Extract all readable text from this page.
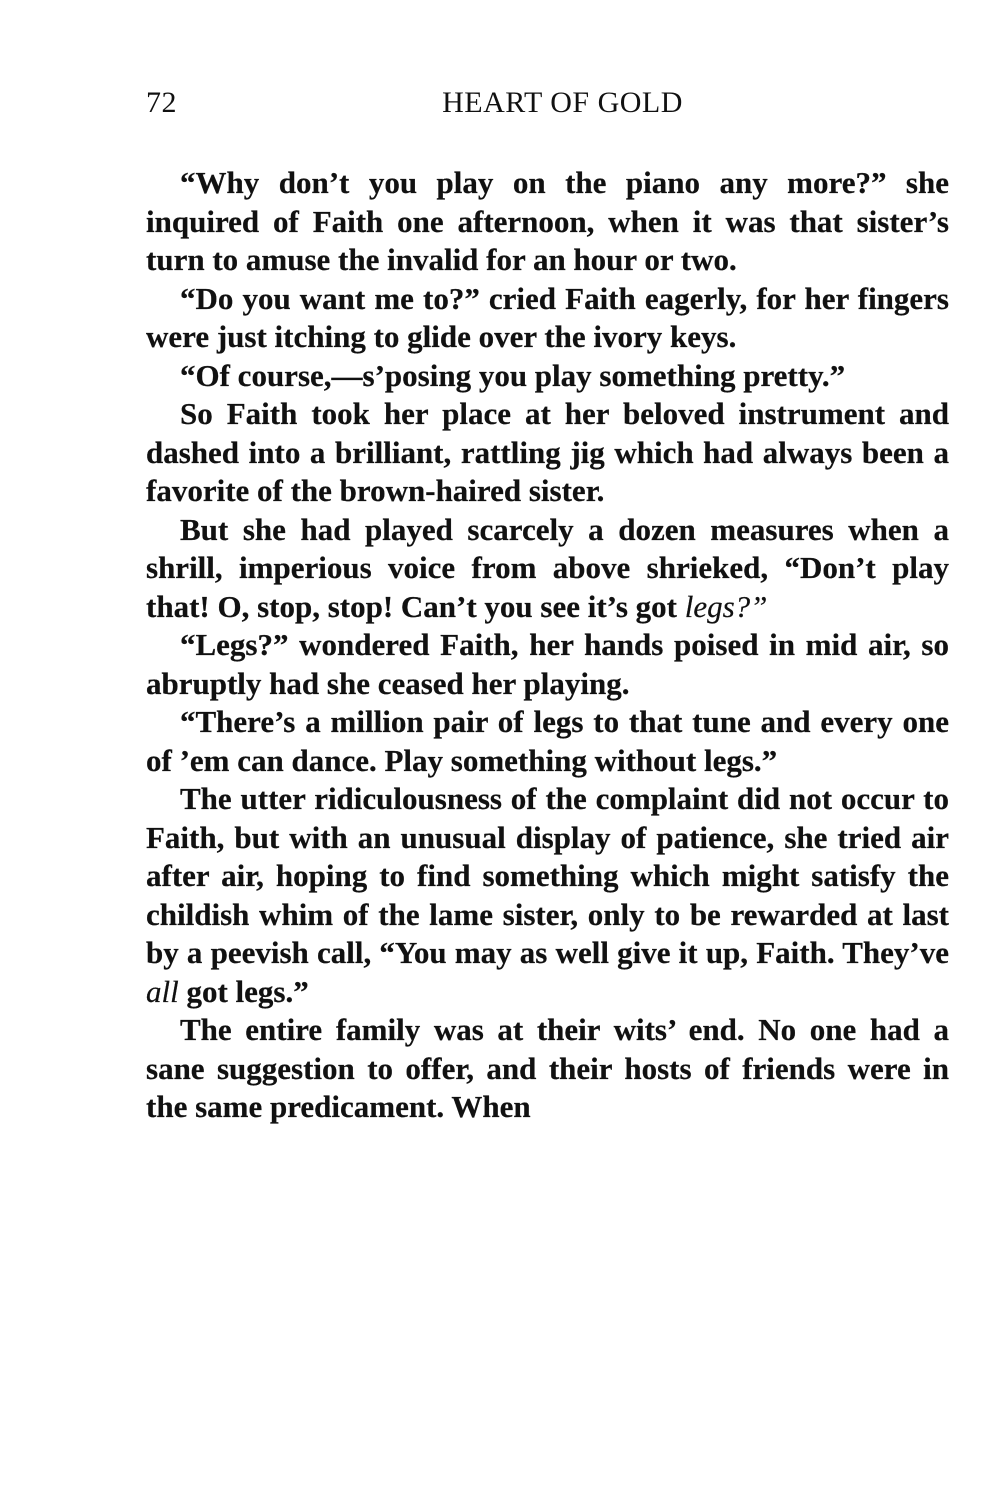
72	HEART OF GOLD

“Why don’t you play on the piano any more?” she inquired of Faith one afternoon, when it was that sister’s turn to amuse the invalid for an hour or two.

“Do you want me to?” cried Faith eagerly, for her fingers were just itching to glide over the ivory keys.

“Of course,—s’posing you play something pretty.”

So Faith took her place at her beloved instrument and dashed into a brilliant, rattling jig which had always been a favorite of the brown-haired sister.

But she had played scarcely a dozen measures when a shrill, imperious voice from above shrieked, “Don’t play that! O, stop, stop! Can’t you see it’s got legs?”

“Legs?” wondered Faith, her hands poised in mid air, so abruptly had she ceased her playing.

“There’s a million pair of legs to that tune and every one of ’em can dance. Play something without legs.”

The utter ridiculousness of the complaint did not occur to Faith, but with an unusual display of patience, she tried air after air, hoping to find something which might satisfy the childish whim of the lame sister, only to be rewarded at last by a peevish call, “You may as well give it up, Faith. They’ve all got legs.”

The entire family was at their wits’ end. No one had a sane suggestion to offer, and their hosts of friends were in the same predicament. When
